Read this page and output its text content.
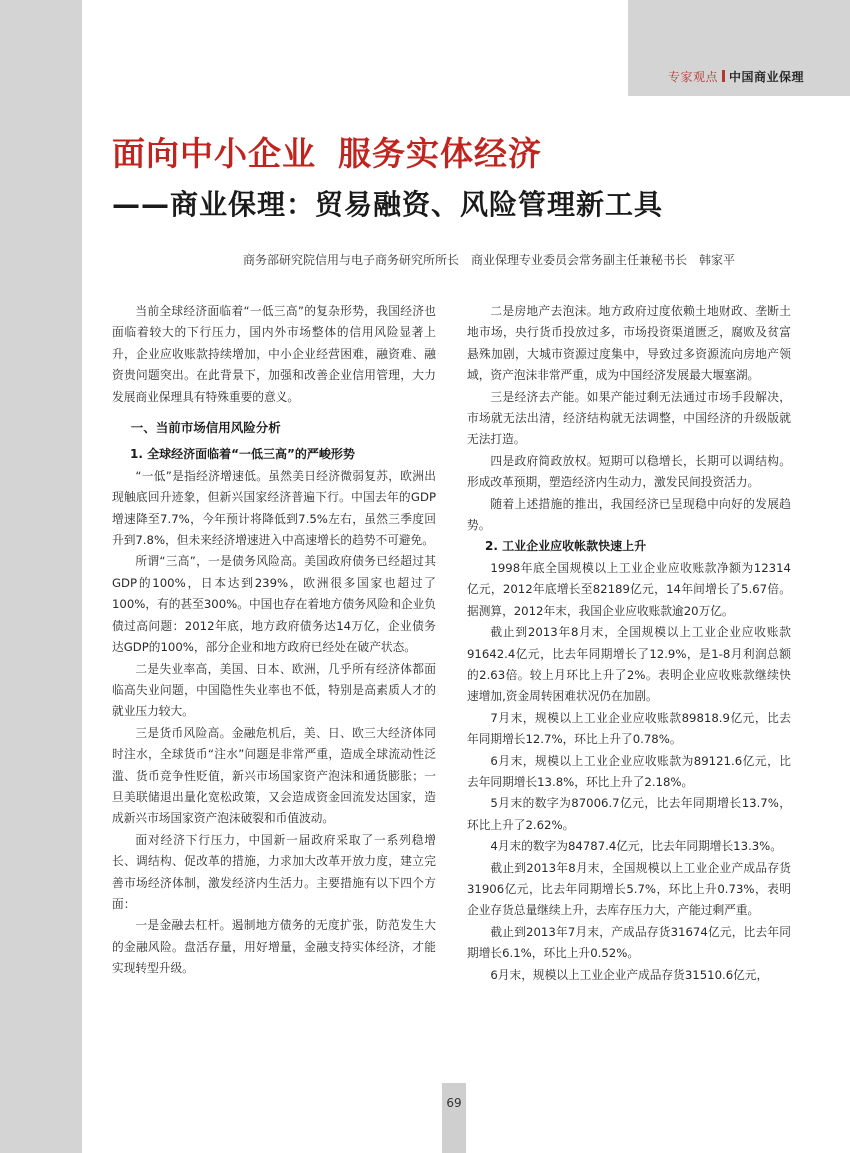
专家观点 中国商业保理
面向中小企业 服务实体经济
——商业保理：贸易融资、风险管理新工具
商务部研究院信用与电子商务研究所所长　商业保理专业委员会常务副主任兼秘书长　韩家平

当前全球经济面临着“一低三高”的复杂形势，我国经济也面临着较大的下行压力，国内外市场整体的信用风险显著上升，企业应收账款持续增加，中小企业经营困难，融资难、融资贵问题突出。在此背景下，加强和改善企业信用管理，大力发展商业保理具有特殊重要的意义。

一、当前市场信用风险分析
1. 全球经济面临着“一低三高”的严峻形势

“一低”是指经济增速低。虽然美日经济微弱复苏，欧洲出现触底回升迹象，但新兴国家经济普遍下行。中国去年的GDP增速降至7.7%，今年预计将降低到7.5%左右，虽然三季度回升到7.8%，但未来经济增速进入中高速增长的趋势不可避免。

所谓“三高”，一是债务风险高。美国政府债务已经超过其GDP的100%，日本达到239%，欧洲很多国家也超过了100%，有的甚至300%。中国也存在着地方债务风险和企业负债过高问题：2012年底，地方政府债务达14万亿，企业债务达GDP的100%，部分企业和地方政府已经处在破产状态。

二是失业率高，美国、日本、欧洲，几乎所有经济体都面临高失业问题，中国隐性失业率也不低，特别是高素质人才的就业压力较大。

三是货币风险高。金融危机后，美、日、欧三大经济体同时注水，全球货币“注水”问题是非常严重，造成全球流动性泛滥、货币竞争性贬值，新兴市场国家资产泡沫和通货膨胀；一旦美联储退出量化宽松政策，又会造成资金回流发达国家，造成新兴市场国家资产泡沫破裂和币值波动。

面对经济下行压力，中国新一届政府采取了一系列稳增长、调结构、促改革的措施，力求加大改革开放力度，建立完善市场经济体制，激发经济内生活力。主要措施有以下四个方面：

一是金融去杠杆。遏制地方债务的无度扩张，防范发生大的金融风险。盘活存量，用好增量，金融支持实体经济，才能实现转型升级。

二是房地产去泡沫。地方政府过度依赖土地财政、垄断土地市场，央行货币投放过多，市场投资渠道匮乏，腐败及贫富悬殊加剧，大城市资源过度集中，导致过多资源流向房地产领域，资产泡沫非常严重，成为中国经济发展最大堰塞湖。

三是经济去产能。如果产能过剩无法通过市场手段解决，市场就无法出清，经济结构就无法调整，中国经济的升级版就无法打造。

四是政府简政放权。短期可以稳增长，长期可以调结构。形成改革预期，塑造经济内生动力，激发民间投资活力。

随着上述措施的推出，我国经济已呈现稳中向好的发展趋势。

2. 工业企业应收帐款快速上升

1998年底全国规模以上工业企业应收账款净额为12314亿元，2012年底增长至82189亿元，14年间增长了5.67倍。据测算，2012年末，我国企业应收账款逾20万亿。

截止到2013年8月末，全国规模以上工业企业应收账款91642.4亿元，比去年同期增长了12.9%，是1-8月利润总额的2.63倍。较上月环比上升了2%。表明企业应收账款继续快速增加,资金周转困难状况仍在加剧。

7月末，规模以上工业企业应收账款89818.9亿元，比去年同期增长12.7%，环比上升了0.78%。

6月末，规模以上工业企业应收账款为89121.6亿元，比去年同期增长13.8%，环比上升了2.18%。

5月末的数字为87006.7亿元，比去年同期增长13.7%，环比上升了2.62%。

4月末的数字为84787.4亿元，比去年同期增长13.3%。

截止到2013年8月末，全国规模以上工业企业产成品存货31906亿元，比去年同期增长5.7%，环比上升0.73%，表明企业存货总量继续上升，去库存压力大，产能过剩严重。

截止到2013年7月末，产成品存货31674亿元，比去年同期增长6.1%，环比上升0.52%。

6月末，规模以上工业企业产成品存货31510.6亿元，

69
